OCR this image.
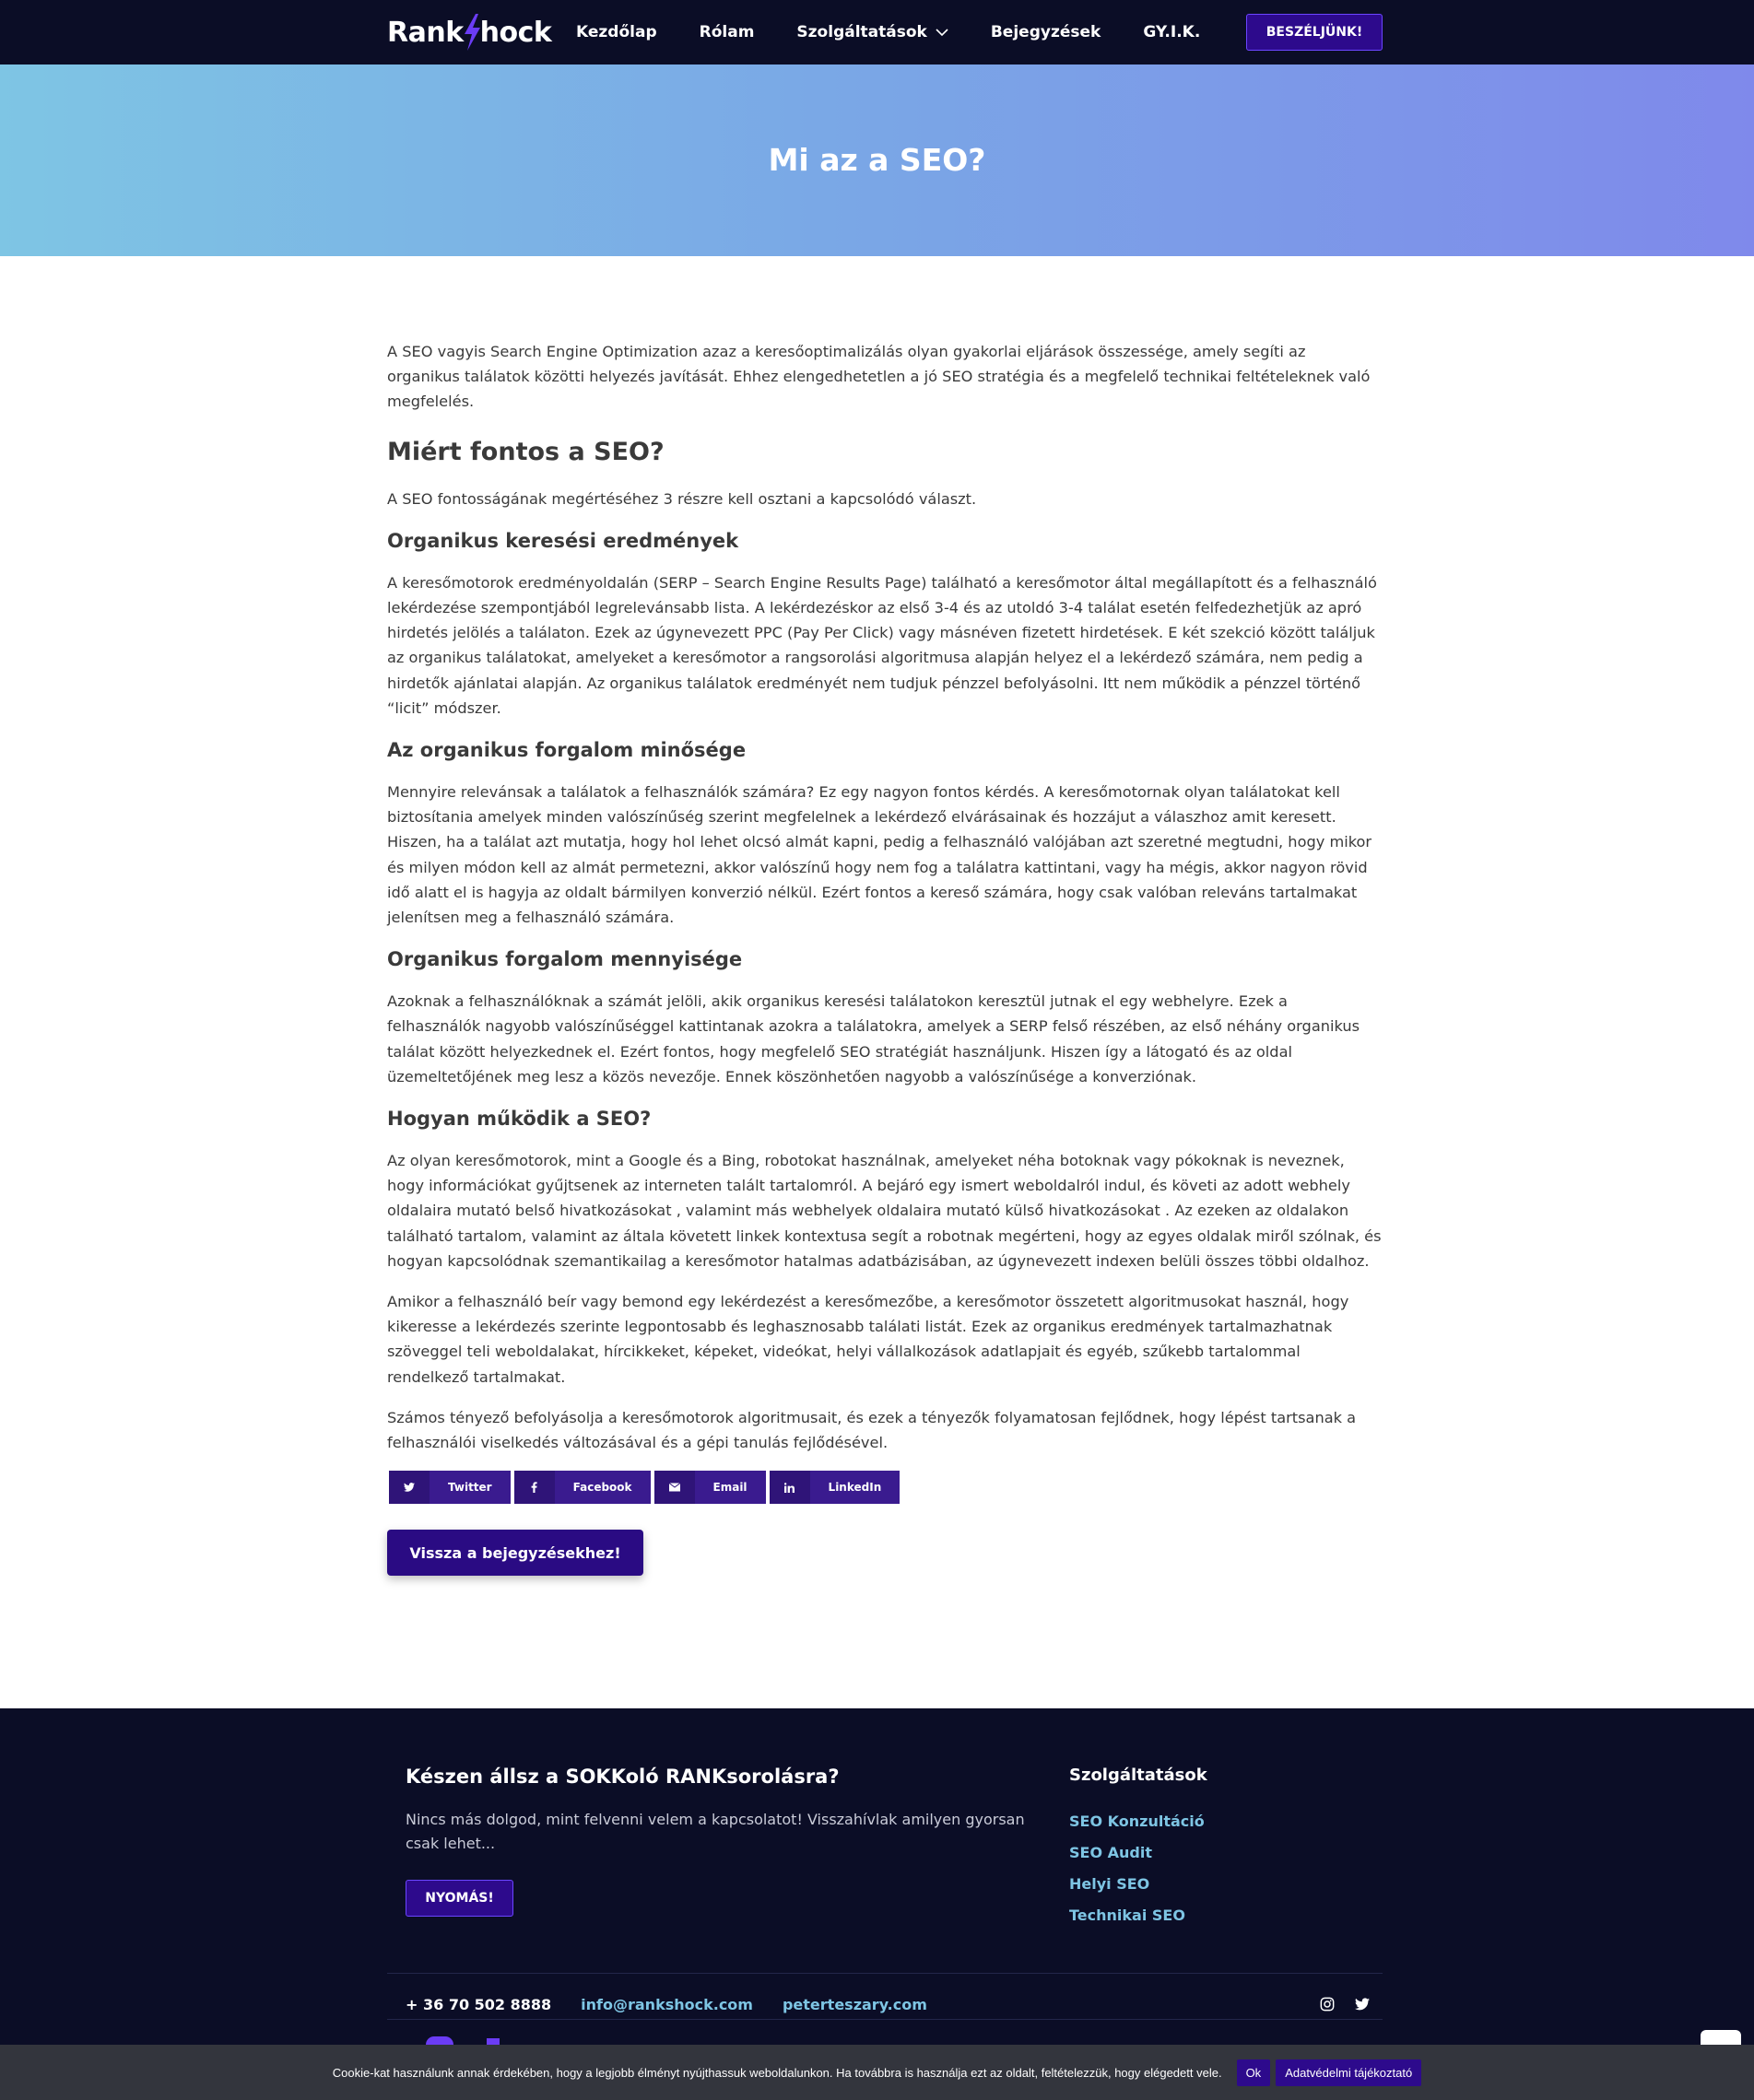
Rank hock Kezdőlap	Rólam	Szolgáltatások	Bejegyzések	GY.I.K.	BESZÉLJÜNK!
Mi az a SEO?

A SEO vagyis Search Engine Optimization azaz a keresőoptimalizálás olyan gyakorlai eljárások összessége, amely segíti az organikus találatok közötti helyezés javítását. Ehhez elengedhetetlen a jó SEO stratégia és a megfelelő technikai feltételeknek való megfelelés.

Miért fontos a SEO?

A SEO fontosságának megértéséhez 3 részre kell osztani a kapcsolódó választ.

Organikus keresési eredmények

A keresőmotorok eredményoldalán (SERP – Search Engine Results Page) található a keresőmotor által megállapított és a felhasználó lekérdezése szempontjából legrelevánsabb lista. A lekérdezéskor az első 3-4 és az utoldó 3-4 találat esetén felfedezhetjük az apró hirdetés jelölés a találaton. Ezek az úgynevezett PPC (Pay Per Click) vagy másnéven fizetett hirdetések. E két szekció között találjuk az organikus találatokat, amelyeket a keresőmotor a rangsorolási algoritmusa alapján helyez el a lekérdező számára, nem pedig a hirdetők ajánlatai alapján. Az organikus találatok eredményét nem tudjuk pénzzel befolyásolni. Itt nem működik a pénzzel történő “licit” módszer.

Az organikus forgalom minősége

Mennyire relevánsak a találatok a felhasználók számára? Ez egy nagyon fontos kérdés. A keresőmotornak olyan találatokat kell biztosítania amelyek minden valószínűség szerint megfelelnek a lekérdező elvárásainak és hozzájut a válaszhoz amit keresett. Hiszen, ha a találat azt mutatja, hogy hol lehet olcsó almát kapni, pedig a felhasználó valójában azt szeretné megtudni, hogy mikor és milyen módon kell az almát permetezni, akkor valószínű hogy nem fog a találatra kattintani, vagy ha mégis, akkor nagyon rövid idő alatt el is hagyja az oldalt bármilyen konverzió nélkül. Ezért fontos a kereső számára, hogy csak valóban releváns tartalmakat jelenítsen meg a felhasználó számára.

Organikus forgalom mennyisége

Azoknak a felhasználóknak a számát jelöli, akik organikus keresési találatokon keresztül jutnak el egy webhelyre. Ezek a felhasználók nagyobb valószínűséggel kattintanak azokra a találatokra, amelyek a SERP felső részében, az első néhány organikus találat között helyezkednek el. Ezért fontos, hogy megfelelő SEO stratégiát használjunk. Hiszen így a látogató és az oldal üzemeltetőjének meg lesz a közös nevezője. Ennek köszönhetően nagyobb a valószínűsége a konverziónak.

Hogyan működik a SEO?

Az olyan keresőmotorok, mint a Google és a Bing, robotokat használnak, amelyeket néha botoknak vagy pókoknak is neveznek, hogy információkat gyűjtsenek az interneten talált tartalomról. A bejáró egy ismert weboldalról indul, és követi az adott webhely oldalaira mutató belső hivatkozásokat , valamint más webhelyek oldalaira mutató külső hivatkozásokat . Az ezeken az oldalakon található tartalom, valamint az általa követett linkek kontextusa segít a robotnak megérteni, hogy az egyes oldalak miről szólnak, és hogyan kapcsolódnak szemantikailag a keresőmotor hatalmas adatbázisában, az úgynevezett indexen belüli összes többi oldalhoz.

Amikor a felhasználó beír vagy bemond egy lekérdezést a keresőmezőbe, a keresőmotor összetett algoritmusokat használ, hogy kikeresse a lekérdezés szerinte legpontosabb és leghasznosabb találati listát. Ezek az organikus eredmények tartalmazhatnak szöveggel teli weboldalakat, hírcikkeket, képeket, videókat, helyi vállalkozások adatlapjait és egyéb, szűkebb tartalommal rendelkező tartalmakat.

Számos tényező befolyásolja a keresőmotorok algoritmusait, és ezek a tényezők folyamatosan fejlődnek, hogy lépést tartsanak a felhasználói viselkedés változásával és a gépi tanulás fejlődésével.

Twitter	Facebook	Email	LinkedIn
Vissza a bejegyzésekhez!
Készen állsz a SOKKoló RANKsorolásra?

Nincs más dolgod, mint felvenni velem a kapcsolatot! Visszahívlak amilyen gyorsan csak lehet...

NYOMÁS!
Szolgáltatások
SEO Konzultáció
SEO Audit
Helyi SEO
Technikai SEO
+ 36 70 502 8888 info@rankshock.com peterteszary.com
Cookie-kat használunk annak érdekében, hogy a legjobb élményt nyújthassuk weboldalunkon. Ha továbbra is használja ezt az oldalt, feltételezzük, hogy elégedett vele.	Ok	Adatvédelmi tájékoztató
